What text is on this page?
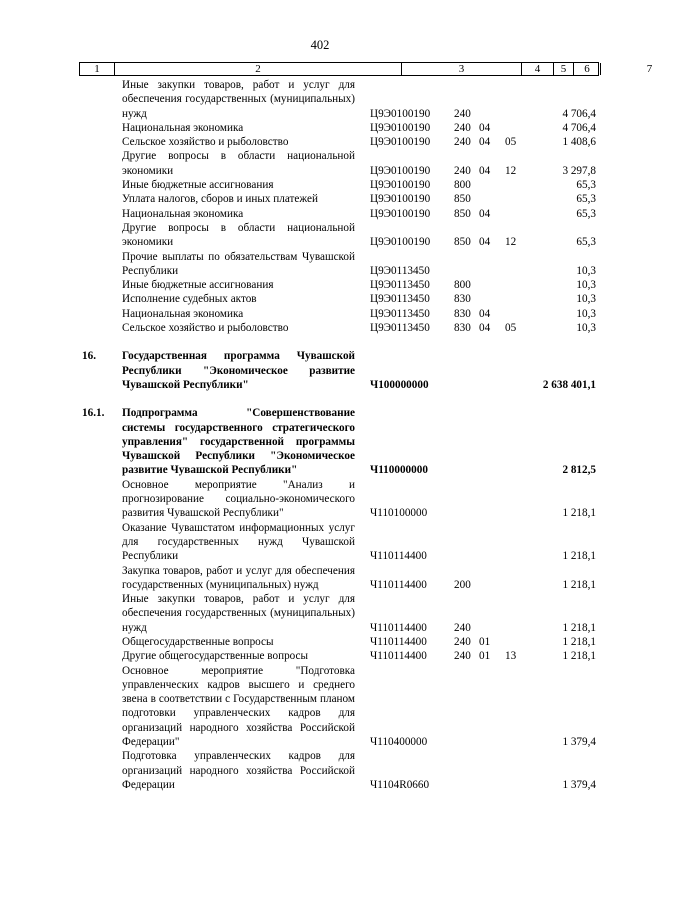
402
1	2	3	4	5	6	7
Иные закупки товаров, работ и услуг для обеспечения государственных (муниципальных) нужд	Ц9Э0100190 240	4 706,4
Национальная экономика	Ц9Э0100190 240 04	4 706,4
Сельское хозяйство и рыболовство	Ц9Э0100190 240 04 05	1 408,6
Другие вопросы в области национальной экономики	Ц9Э0100190 240 04 12	3 297,8
Иные бюджетные ассигнования	Ц9Э0100190 800	65,3
Уплата налогов, сборов и иных платежей	Ц9Э0100190 850	65,3
Национальная экономика	Ц9Э0100190 850 04	65,3
Другие вопросы в области национальной экономики	Ц9Э0100190 850 04 12	65,3
Прочие выплаты по обязательствам Чувашской Республики	Ц9Э0113450	10,3
Иные бюджетные ассигнования	Ц9Э0113450 800	10,3
Исполнение судебных актов	Ц9Э0113450 830	10,3
Национальная экономика	Ц9Э0113450 830 04	10,3
Сельское хозяйство и рыболовство	Ц9Э0113450 830 04 05	10,3
16.	Государственная программа Чувашской Республики "Экономическое развитие Чувашской Республики"	Ч100000000	2 638 401,1
16.1.	Подпрограмма "Совершенствование системы государственного стратегического управления" государственной программы Чувашской Республики "Экономическое развитие Чувашской Республики"	Ч110000000	2 812,5
Основное мероприятие "Анализ и прогнозирование социально-экономического развития Чувашской Республики"	Ч110100000	1 218,1
Оказание Чувашстатом информационных услуг для государственных нужд Чувашской Республики	Ч110114400	1 218,1
Закупка товаров, работ и услуг для обеспечения государственных (муниципальных) нужд	Ч110114400 200	1 218,1
Иные закупки товаров, работ и услуг для обеспечения государственных (муниципальных) нужд	Ч110114400 240	1 218,1
Общегосударственные вопросы	Ч110114400 240 01	1 218,1
Другие общегосударственные вопросы	Ч110114400 240 01 13	1 218,1
Основное мероприятие "Подготовка управленческих кадров высшего и среднего звена в соответствии с Государственным планом подготовки управленческих кадров для организаций народного хозяйства Российской Федерации"	Ч110400000	1 379,4
Подготовка управленческих кадров для организаций народного хозяйства Российской Федерации	Ч1104R0660	1 379,4
